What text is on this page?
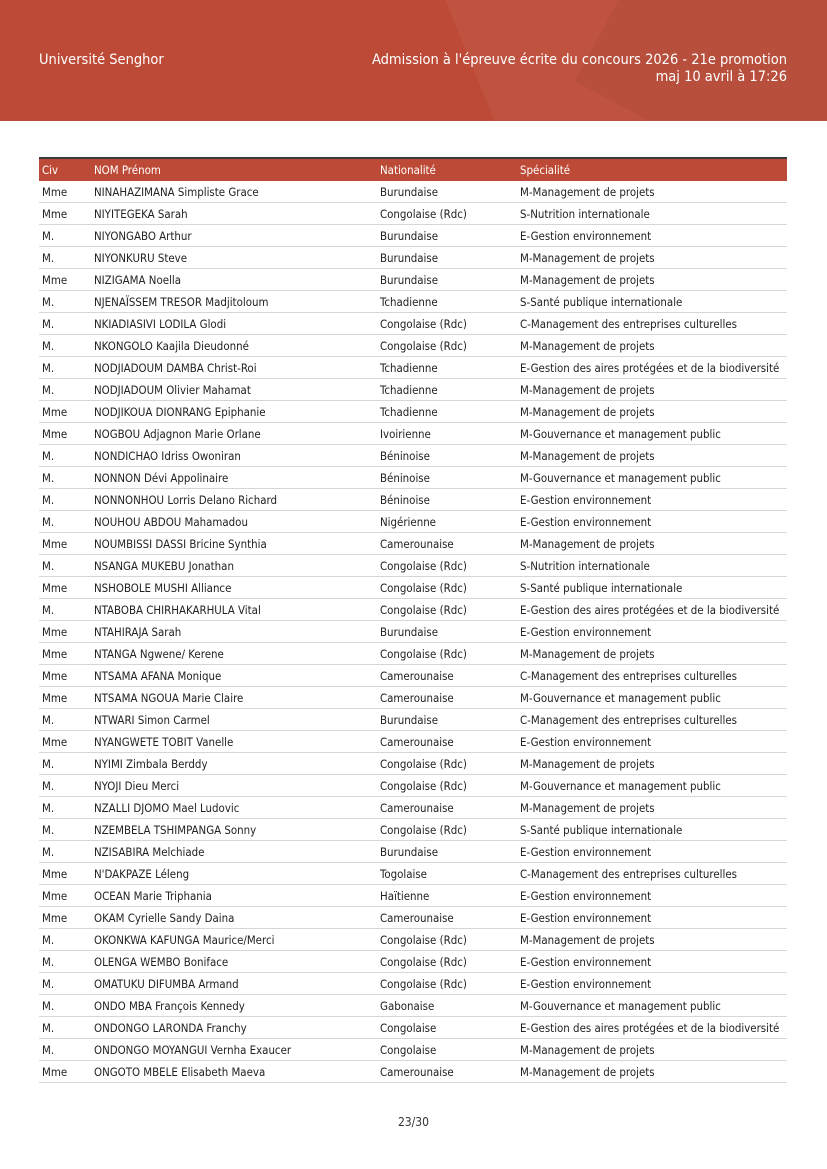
Université Senghor	Admission à l'épreuve écrite du concours 2026 - 21e promotion
maj 10 avril à 17:26
Civ	NOM Prénom	Nationalité	Spécialité
Mme	NINAHAZIMANA Simpliste Grace	Burundaise	M-Management de projets
Mme	NIYITEGEKA Sarah	Congolaise (Rdc)	S-Nutrition internationale
M.	NIYONGABO Arthur	Burundaise	E-Gestion environnement
M.	NIYONKURU Steve	Burundaise	M-Management de projets
Mme	NIZIGAMA Noella	Burundaise	M-Management de projets
M.	NJENAÏSSEM TRESOR Madjitoloum	Tchadienne	S-Santé publique internationale
M.	NKIADIASIVI LODILA Glodi	Congolaise (Rdc)	C-Management des entreprises culturelles
M.	NKONGOLO Kaajila Dieudonné	Congolaise (Rdc)	M-Management de projets
M.	NODJIADOUM DAMBA Christ-Roi	Tchadienne	E-Gestion des aires protégées et de la biodiversité
M.	NODJIADOUM Olivier Mahamat	Tchadienne	M-Management de projets
Mme	NODJIKOUA DIONRANG Epiphanie	Tchadienne	M-Management de projets
Mme	NOGBOU Adjagnon Marie Orlane	Ivoirienne	M-Gouvernance et management public
M.	NONDICHAO Idriss Owoniran	Béninoise	M-Management de projets
M.	NONNON Dévi Appolinaire	Béninoise	M-Gouvernance et management public
M.	NONNONHOU Lorris Delano Richard	Béninoise	E-Gestion environnement
M.	NOUHOU ABDOU Mahamadou	Nigérienne	E-Gestion environnement
Mme	NOUMBISSI DASSI Bricine Synthia	Camerounaise	M-Management de projets
M.	NSANGA MUKEBU Jonathan	Congolaise (Rdc)	S-Nutrition internationale
Mme	NSHOBOLE MUSHI Alliance	Congolaise (Rdc)	S-Santé publique internationale
M.	NTABOBA CHIRHAKARHULA Vital	Congolaise (Rdc)	E-Gestion des aires protégées et de la biodiversité
Mme	NTAHIRAJA Sarah	Burundaise	E-Gestion environnement
Mme	NTANGA Ngwene/ Kerene	Congolaise (Rdc)	M-Management de projets
Mme	NTSAMA AFANA Monique	Camerounaise	C-Management des entreprises culturelles
Mme	NTSAMA NGOUA Marie Claire	Camerounaise	M-Gouvernance et management public
M.	NTWARI Simon Carmel	Burundaise	C-Management des entreprises culturelles
Mme	NYANGWETE TOBIT Vanelle	Camerounaise	E-Gestion environnement
M.	NYIMI Zimbala Berddy	Congolaise (Rdc)	M-Management de projets
M.	NYOJI Dieu Merci	Congolaise (Rdc)	M-Gouvernance et management public
M.	NZALLI DJOMO Mael Ludovic	Camerounaise	M-Management de projets
M.	NZEMBELA TSHIMPANGA Sonny	Congolaise (Rdc)	S-Santé publique internationale
M.	NZISABIRA Melchiade	Burundaise	E-Gestion environnement
Mme	N'DAKPAZE Léleng	Togolaise	C-Management des entreprises culturelles
Mme	OCEAN Marie Triphania	Haïtienne	E-Gestion environnement
Mme	OKAM Cyrielle Sandy Daina	Camerounaise	E-Gestion environnement
M.	OKONKWA KAFUNGA Maurice/Merci	Congolaise (Rdc)	M-Management de projets
M.	OLENGA WEMBO Boniface	Congolaise (Rdc)	E-Gestion environnement
M.	OMATUKU DIFUMBA Armand	Congolaise (Rdc)	E-Gestion environnement
M.	ONDO MBA François Kennedy	Gabonaise	M-Gouvernance et management public
M.	ONDONGO LARONDA Franchy	Congolaise	E-Gestion des aires protégées et de la biodiversité
M.	ONDONGO MOYANGUI Vernha Exaucer	Congolaise	M-Management de projets
Mme	ONGOTO MBELE Elisabeth Maeva	Camerounaise	M-Management de projets
23/30
